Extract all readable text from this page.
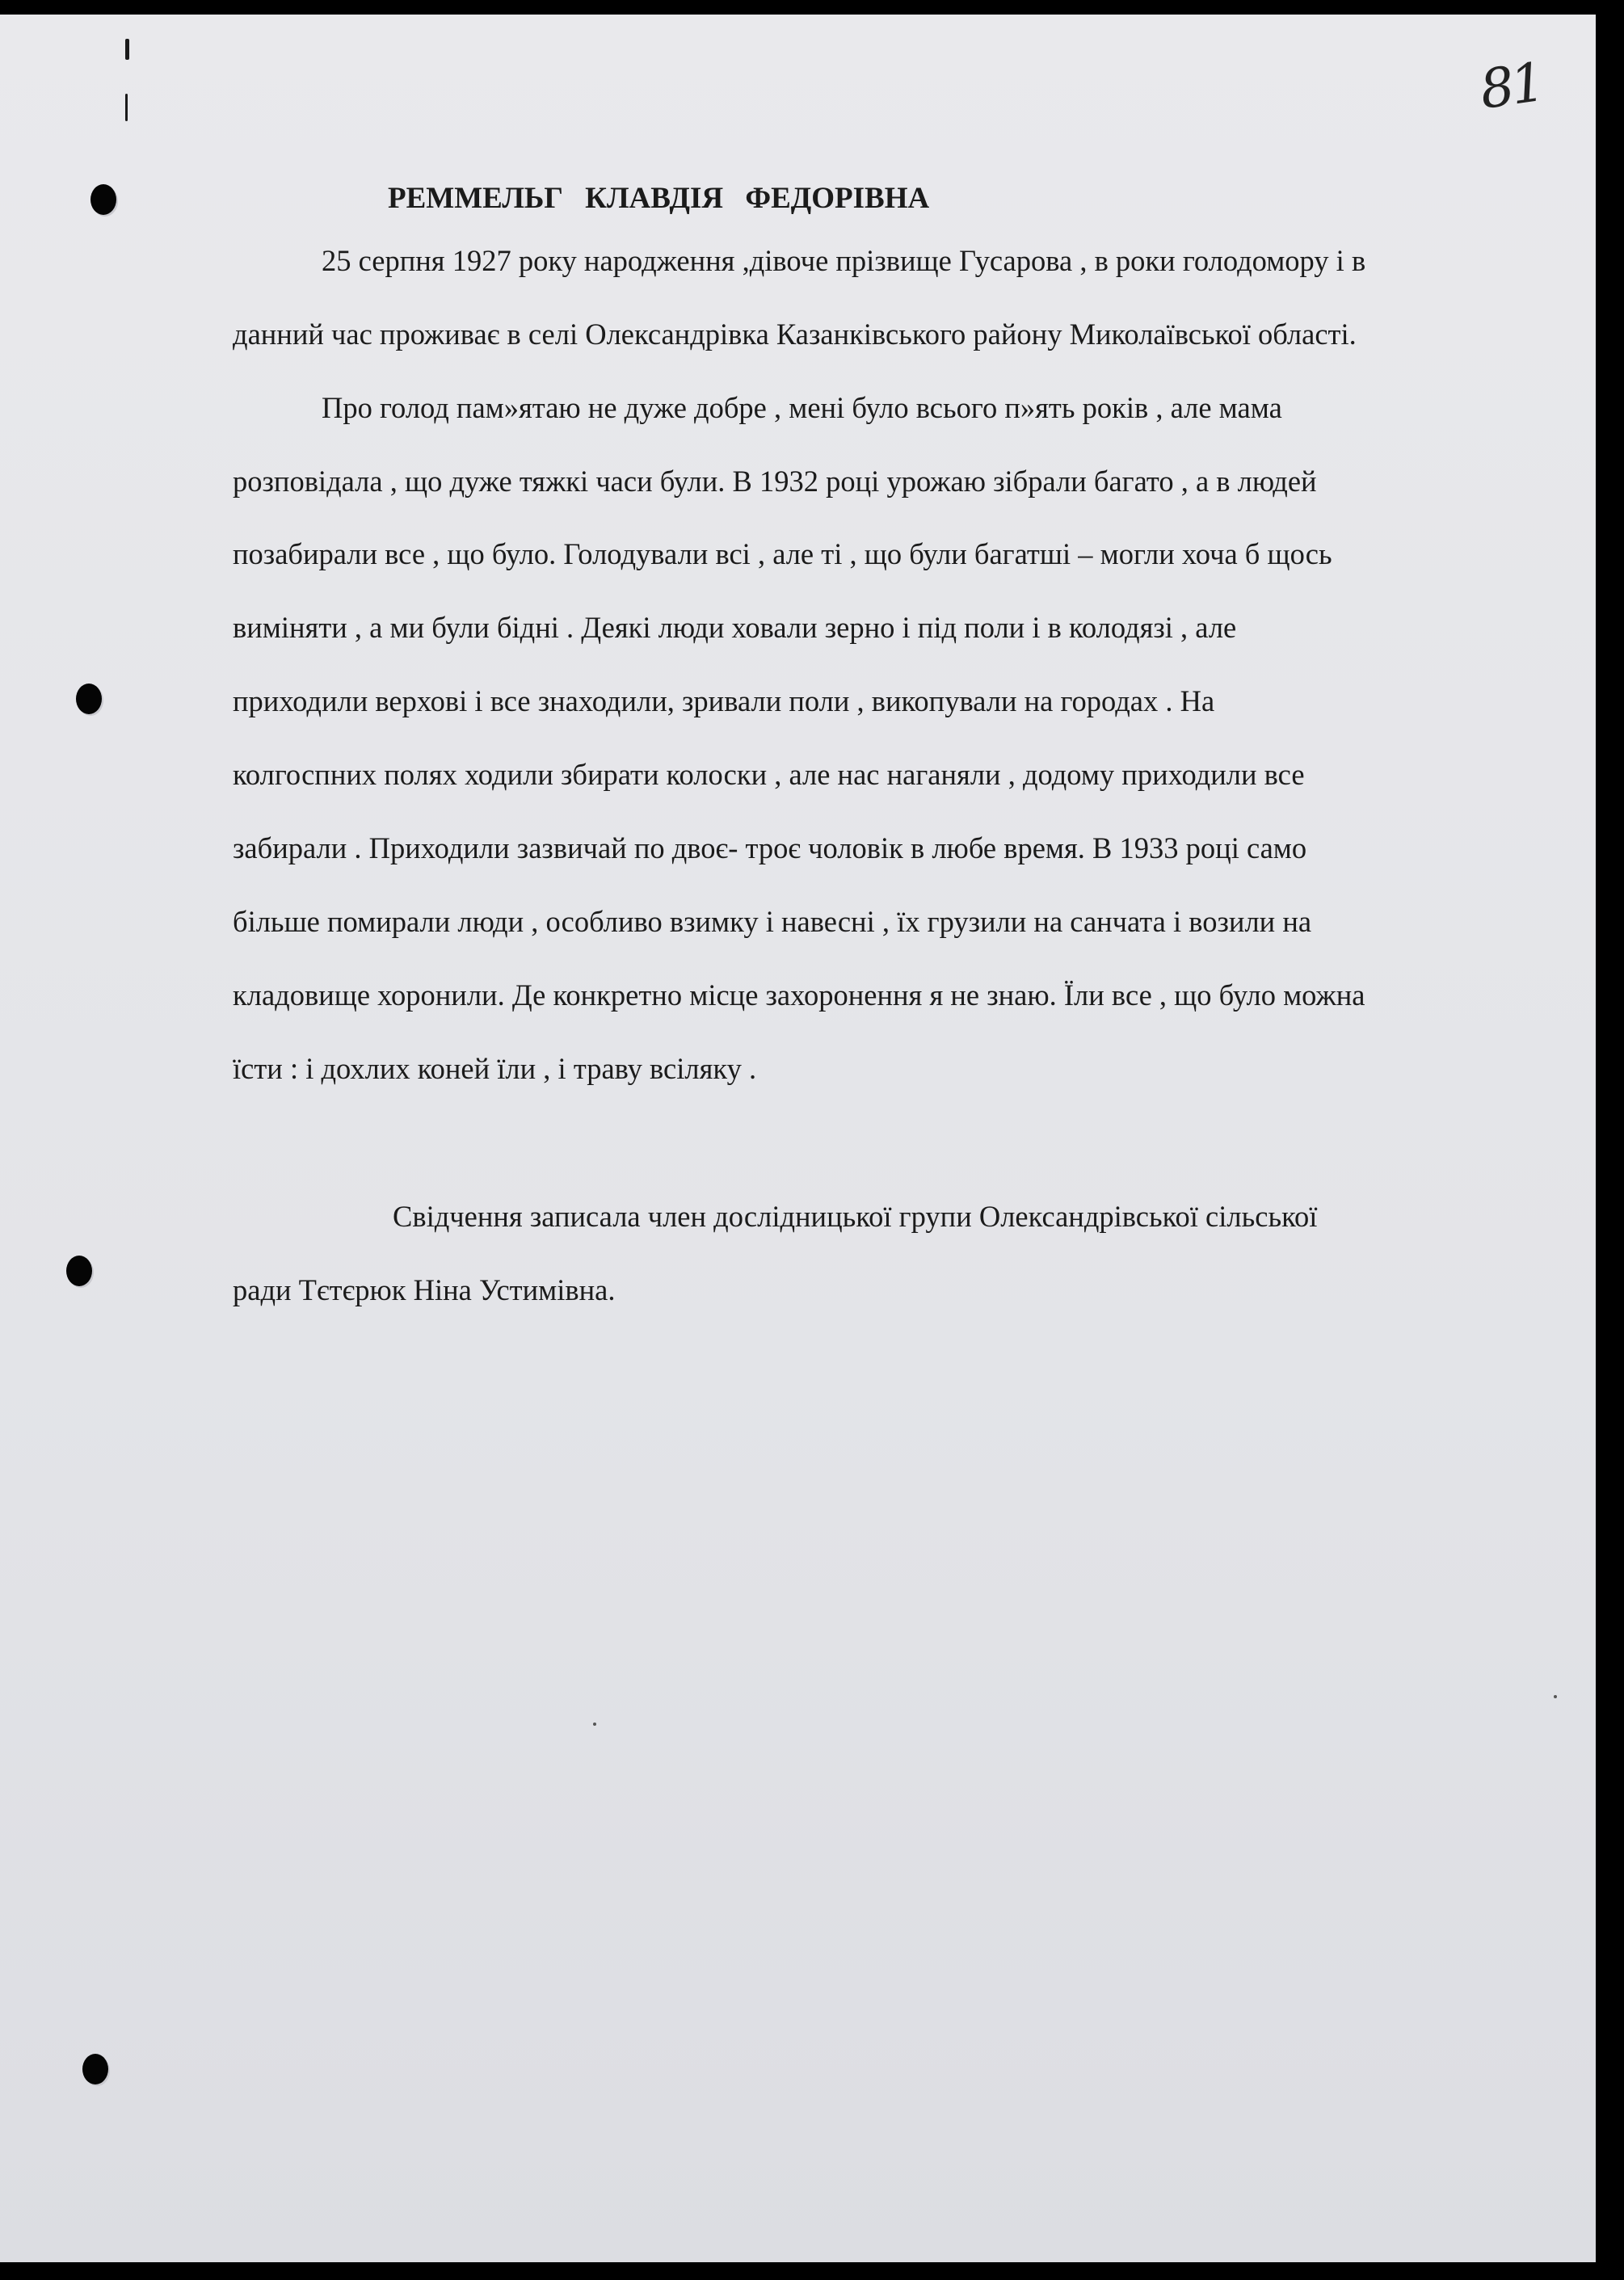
81
РЕММЕЛЬГ КЛАВДІЯ ФЕДОРІВНА
25 серпня 1927 року народження ,дівоче прізвище Гусарова , в роки голодомору і в
данний час проживає в селі Олександрівка Казанківського району Миколаївської області.
Про голод пам»ятаю не дуже добре , мені було всього п»ять років , але мама
розповідала , що дуже тяжкі часи були. В 1932 році урожаю зібрали багато , а в людей
позабирали все , що було. Голодували всі , але ті , що були багатші – могли хоча б щось
виміняти , а ми були бідні . Деякі люди ховали зерно і під поли і в колодязі , але
приходили верхові і все знаходили, зривали поли , викопували на городах . На
колгоспних полях ходили збирати колоски , але нас наганяли , додому приходили все
забирали . Приходили зазвичай по двоє- троє чоловік в любе время. В 1933 році само
більше помирали люди , особливо взимку і навесні , їх грузили на санчата і возили на
кладовище хоронили. Де конкретно місце захоронення я не знаю. Їли все , що було можна
їсти : і дохлих коней їли , і траву всіляку .
Свідчення записала член дослідницької групи Олександрівської сільської
ради Тєтєрюк Ніна Устимівна.
